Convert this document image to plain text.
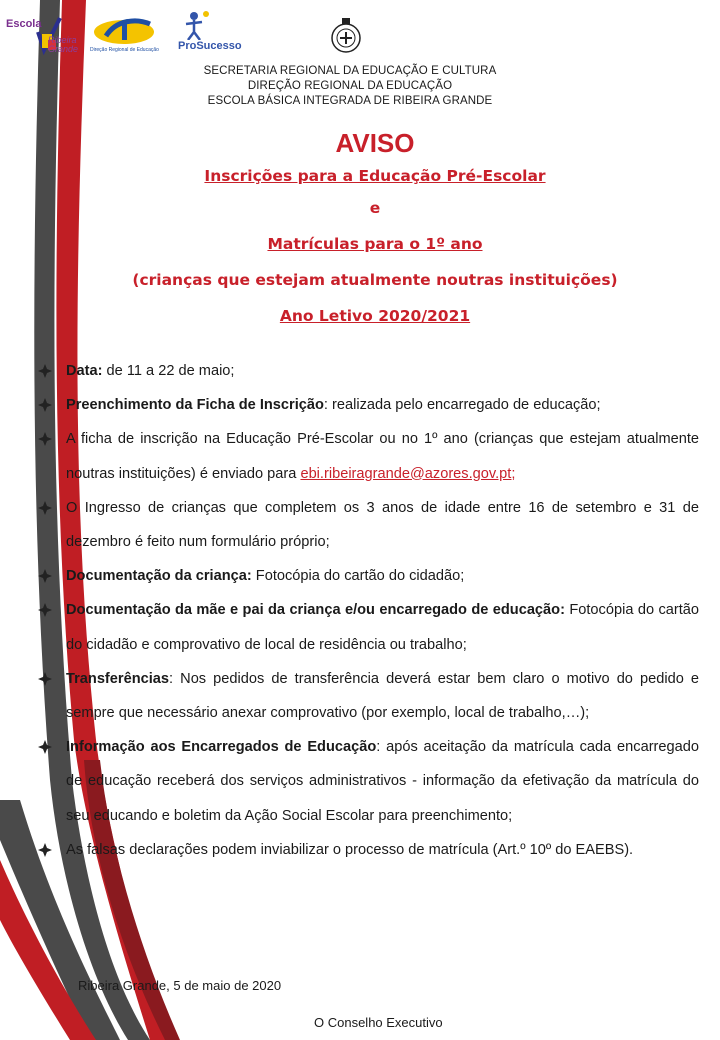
Escola
Ribeira Grande	Direção Regional de Educação ProSucesso
SECRETARIA REGIONAL DA EDUCAÇÃO E CULTURA
DIREÇÃO REGIONAL DA EDUCAÇÃO
ESCOLA BÁSICA INTEGRADA DE RIBEIRA GRANDE
AVISO
Inscrições para a Educação Pré-Escolar
e
Matrículas para o 1º ano
(crianças que estejam atualmente noutras instituições)
Ano Letivo 2020/2021
Data: de 11 a 22 de maio;
Preenchimento da Ficha de Inscrição: realizada pelo encarregado de educação;
A ficha de inscrição na Educação Pré-Escolar ou no 1º ano (crianças que estejam atualmente noutras instituições) é enviado para ebi.ribeiragrande@azores.gov.pt;
O Ingresso de crianças que completem os 3 anos de idade entre 16 de setembro e 31 de dezembro é feito num formulário próprio;
Documentação da criança: Fotocópia do cartão do cidadão;
Documentação da mãe e pai da criança e/ou encarregado de educação: Fotocópia do cartão do cidadão e comprovativo de local de residência ou trabalho;
Transferências: Nos pedidos de transferência deverá estar bem claro o motivo do pedido e sempre que necessário anexar comprovativo (por exemplo, local de trabalho,…);
Informação aos Encarregados de Educação: após aceitação da matrícula cada encarregado de educação receberá dos serviços administrativos - informação da efetivação da matrícula do seu educando e boletim da Ação Social Escolar para preenchimento;
As falsas declarações podem inviabilizar o processo de matrícula (Art.º 10º do EAEBS).
Ribeira Grande, 5 de maio de 2020
O Conselho Executivo
